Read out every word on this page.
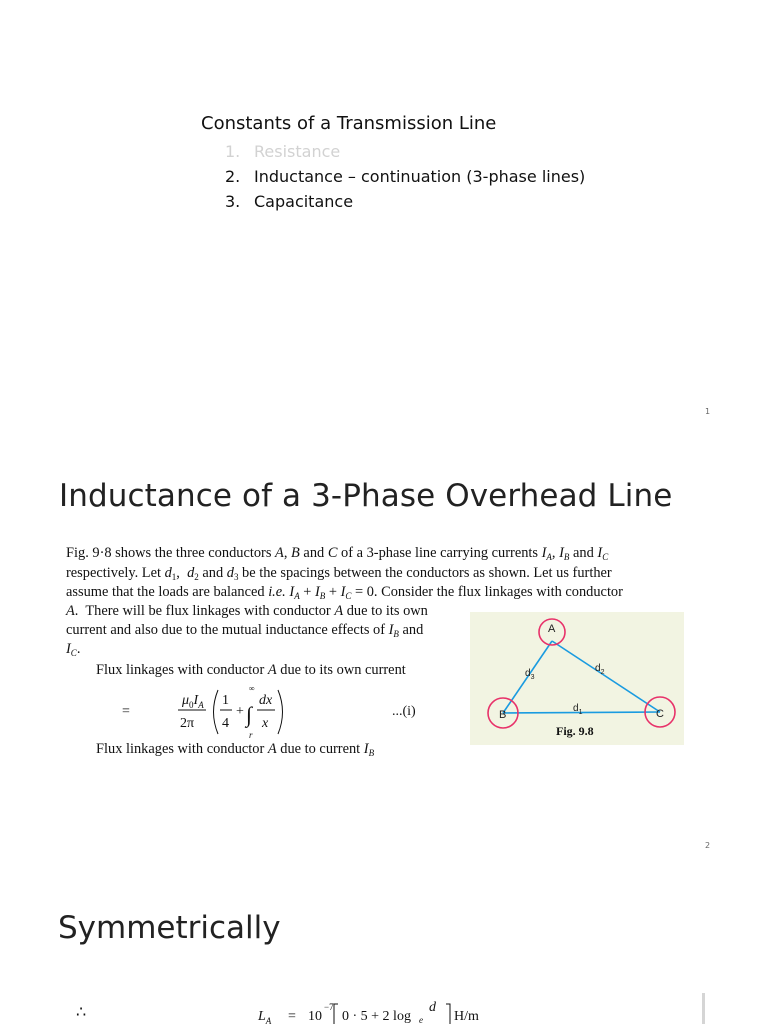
Constants of a Transmission Line
1. Resistance
2. Inductance – continuation (3-phase lines)
3. Capacitance
1
Inductance of a 3-Phase Overhead Line
Fig. 9·8 shows the three conductors A, B and C of a 3-phase line carrying currents $I_A$, $I_B$ and $I_C$
respectively. Let $d_1$,  $d_2$ and $d_3$ be the spacings between the conductors as shown. Let us further
assume that the loads are balanced i.e. $I_A + I_B + I_C = 0$. Consider the flux linkages with conductor
A.  There will be flux linkages with conductor A due to its own
current and also due to the mutual inductance effects of $I_B$ and
$I_C$.
Flux linkages with conductor A due to its own current
=
$\mu_0I_A$
2π
1
4
+
∞
∫
r
dx
x
...(i)
Flux linkages with conductor A due to current $I_B$
A
B	C
$d_3$
$d_2$
$d_1$
Fig. 9.8
2
Symmetrically
∴	$L_A = 10$
−7
0 · 5 + 2 log e
d
H/m
